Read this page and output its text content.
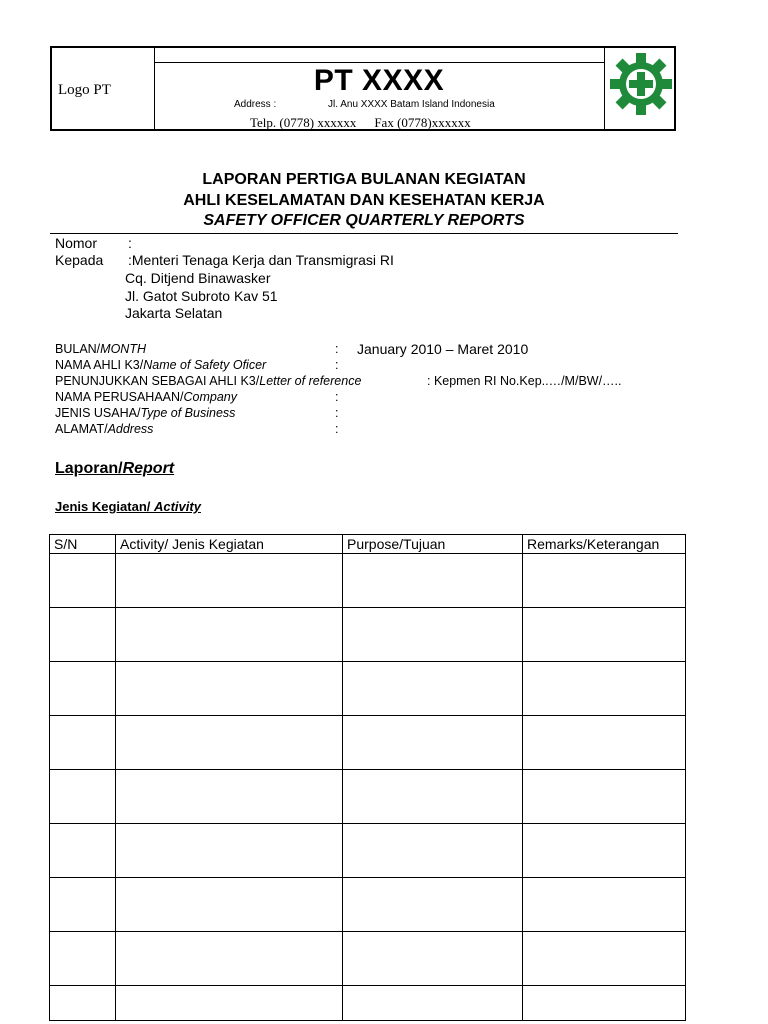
Logo PT	PT XXXX
Address :	Jl. Anu XXXX Batam Island Indonesia
Telp. (0778) xxxxxx Fax (0778)xxxxxx
LAPORAN PERTIGA BULANAN KEGIATAN
AHLI KESELAMATAN DAN KESEHATAN KERJA
SAFETY OFFICER QUARTERLY REPORTS
Nomor :
Kepada :Menteri Tenaga Kerja dan Transmigrasi RI
Cq. Ditjend Binawasker
Jl. Gatot Subroto Kav 51
Jakarta Selatan
BULAN/MONTH	: January 2010 – Maret 2010
NAMA AHLI K3/Name of Safety Oficer	:
PENUNJUKKAN SEBAGAI AHLI K3/Letter of reference	: Kepmen RI No.Kep..…/M/BW/…..
NAMA PERUSAHAAN/Company	:
JENIS USAHA/Type of Business	:
ALAMAT/Address	:
Laporan/Report
Jenis Kegiatan/ Activity
S/N	Activity/ Jenis Kegiatan	Purpose/Tujuan	Remarks/Keterangan
